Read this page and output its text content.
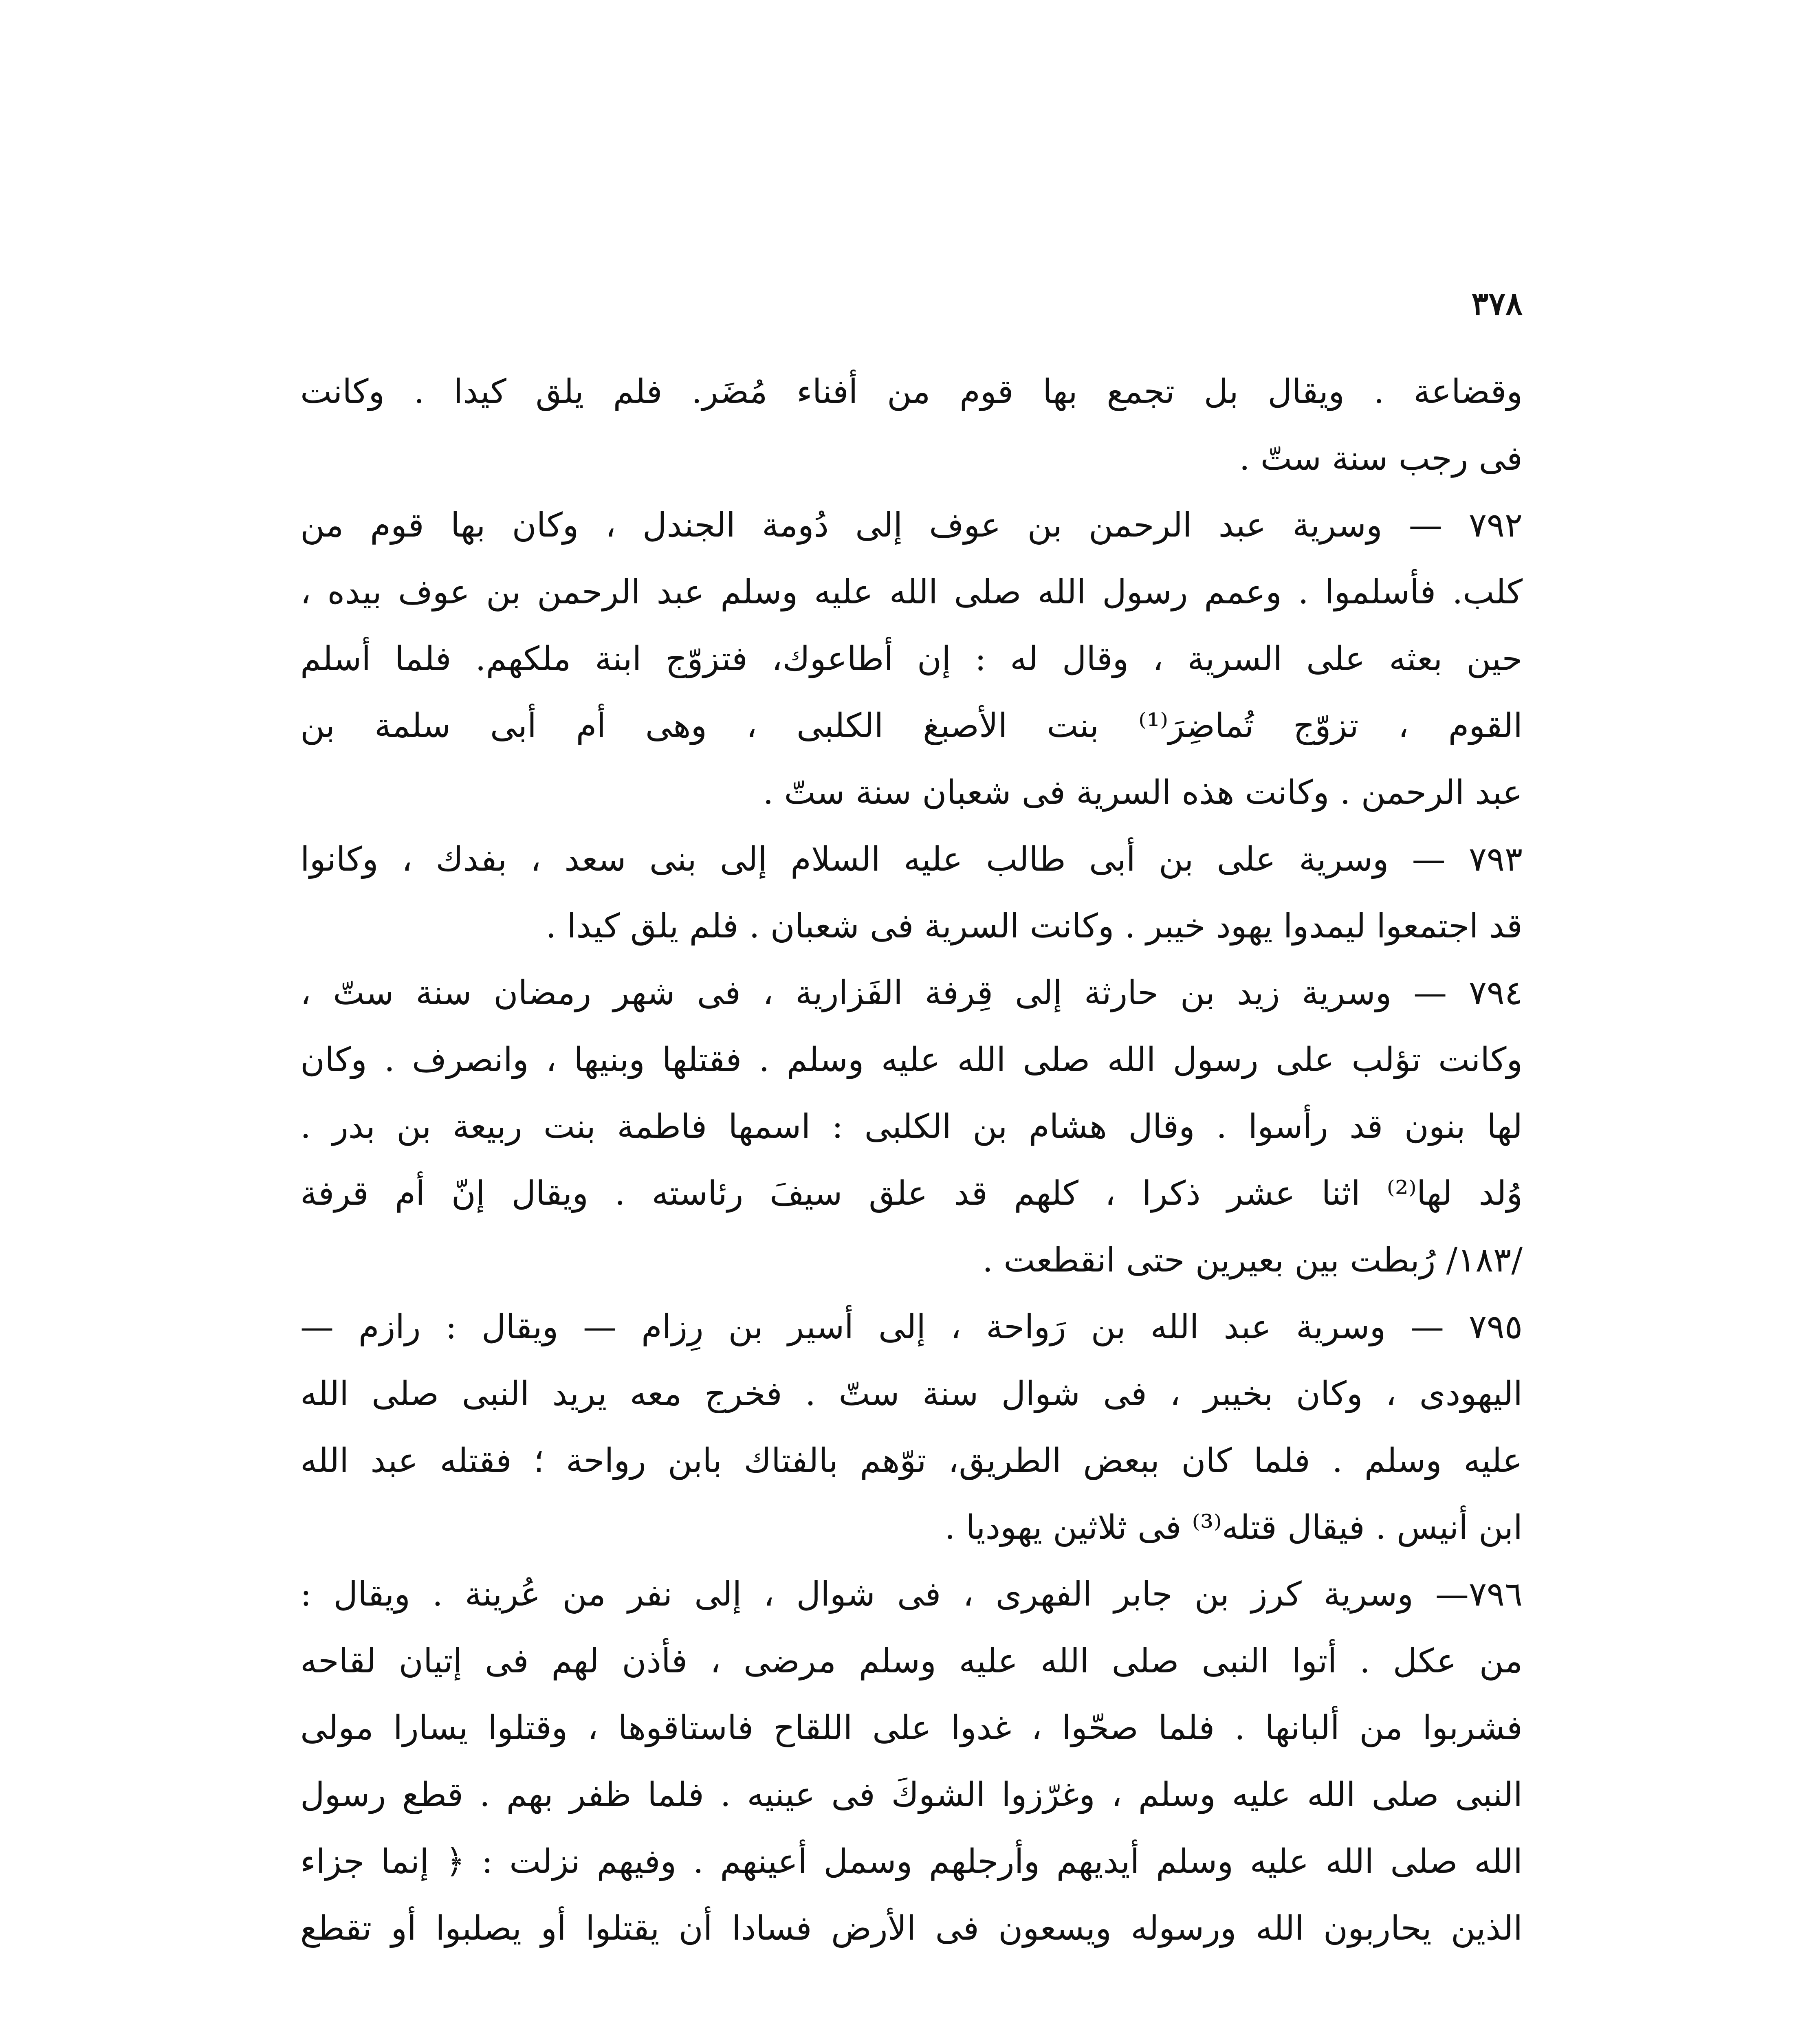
٣٧٨
وقضاعة . ويقال بل تجمع بها قوم من أفناء مُضَر. فلم يلق كيدا . وكانت
فى رجب سنة ستّ .
٧٩٢ — وسرية عبد الرحمن بن عوف إلى دُومة الجندل ، وكان بها قوم من
كلب. فأسلموا . وعمم رسول الله صلى الله عليه وسلم عبد الرحمن بن عوف بيده ،
حين بعثه على السرية ، وقال له : إن أطاعوك، فتزوّج ابنة ملكهم. فلما أسلم
القوم ، تزوّج تُماضِرَ⁽¹⁾ بنت الأصبغ الكلبى ، وهى أم أبى سلمة بن
عبد الرحمن . وكانت هذه السرية فى شعبان سنة ستّ .
٧٩٣ — وسرية على بن أبى طالب عليه السلام إلى بنى سعد ، بفدك ، وكانوا
قد اجتمعوا ليمدوا يهود خيبر . وكانت السرية فى شعبان . فلم يلق كيدا .
٧٩٤ — وسرية زيد بن حارثة إلى قِرفة الفَزارية ، فى شهر رمضان سنة ستّ ،
وكانت تؤلب على رسول الله صلى الله عليه وسلم . فقتلها وبنيها ، وانصرف . وكان
لها بنون قد رأسوا . وقال هشام بن الكلبى : اسمها فاطمة بنت ربيعة بن بدر .
وُلد لها⁽²⁾ اثنا عشر ذكرا ، كلهم قد علق سيفَ رئاسته . ويقال إنّ أم قرفة
/١٨٣/ رُبطت بين بعيرين حتى انقطعت .
٧٩٥ — وسرية عبد الله بن رَواحة ، إلى أسير بن رِزام — ويقال : رازم —
اليهودى ، وكان بخيبر ، فى شوال سنة ستّ . فخرج معه يريد النبى صلى الله
عليه وسلم . فلما كان ببعض الطريق، توّهم بالفتاك بابن رواحة ؛ فقتله عبد الله
ابن أنيس . فيقال قتله⁽³⁾ فى ثلاثين يهوديا .
٧٩٦— وسرية كرز بن جابر الفهرى ، فى شوال ، إلى نفر من عُرينة . ويقال :
من عكل . أتوا النبى صلى الله عليه وسلم مرضى ، فأذن لهم فى إتيان لقاحه
فشربوا من ألبانها . فلما صحّوا ، غدوا على اللقاح فاستاقوها ، وقتلوا يسارا مولى
النبى صلى الله عليه وسلم ، وغرّزوا الشوكَ فى عينيه . فلما ظفر بهم . قطع رسول
الله صلى الله عليه وسلم أيديهم وأرجلهم وسمل أعينهم . وفيهم نزلت : ﴿ إنما جزاء
الذين يحاربون الله ورسوله ويسعون فى الأرض فسادا أن يقتلوا أو يصلبوا أو تقطع
